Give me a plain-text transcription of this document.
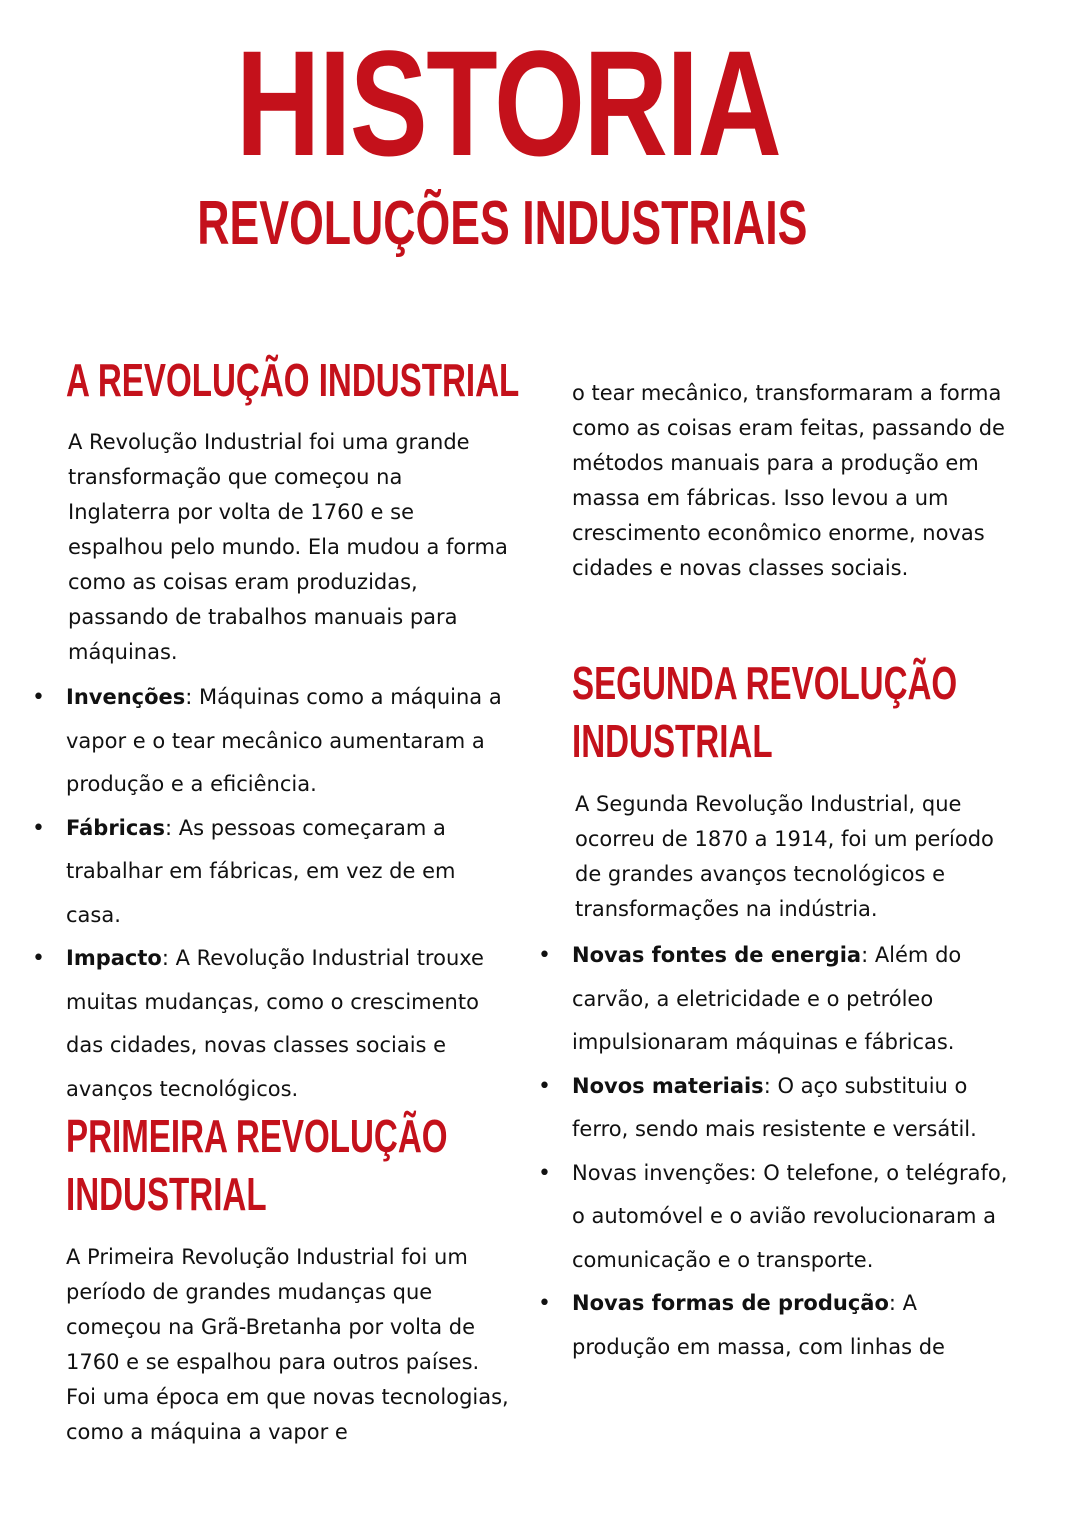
HISTORIA
REVOLUÇÕES INDUSTRIAIS
A REVOLUÇÃO INDUSTRIAL

A Revolução Industrial foi uma grande transformação que começou na Inglaterra por volta de 1760 e se espalhou pelo mundo. Ela mudou a forma como as coisas eram produzidas, passando de trabalhos manuais para máquinas.

• Invenções: Máquinas como a máquina a vapor e o tear mecânico aumentaram a produção e a eficiência.
• Fábricas: As pessoas começaram a trabalhar em fábricas, em vez de em casa.
• Impacto: A Revolução Industrial trouxe muitas mudanças, como o crescimento das cidades, novas classes sociais e avanços tecnológicos.
PRIMEIRA REVOLUÇÃO
INDUSTRIAL

A Primeira Revolução Industrial foi um período de grandes mudanças que começou na Grã-Bretanha por volta de 1760 e se espalhou para outros países. Foi uma época em que novas tecnologias, como a máquina a vapor e

o tear mecânico, transformaram a forma como as coisas eram feitas, passando de métodos manuais para a produção em massa em fábricas. Isso levou a um crescimento econômico enorme, novas cidades e novas classes sociais.

SEGUNDA REVOLUÇÃO
INDUSTRIAL

A Segunda Revolução Industrial, que ocorreu de 1870 a 1914, foi um período de grandes avanços tecnológicos e transformações na indústria.

• Novas fontes de energia: Além do carvão, a eletricidade e o petróleo impulsionaram máquinas e fábricas.
• Novos materiais: O aço substituiu o ferro, sendo mais resistente e versátil.
• Novas invenções: O telefone, o telégrafo, o automóvel e o avião revolucionaram a comunicação e o transporte.
• Novas formas de produção: A produção em massa, com linhas de
